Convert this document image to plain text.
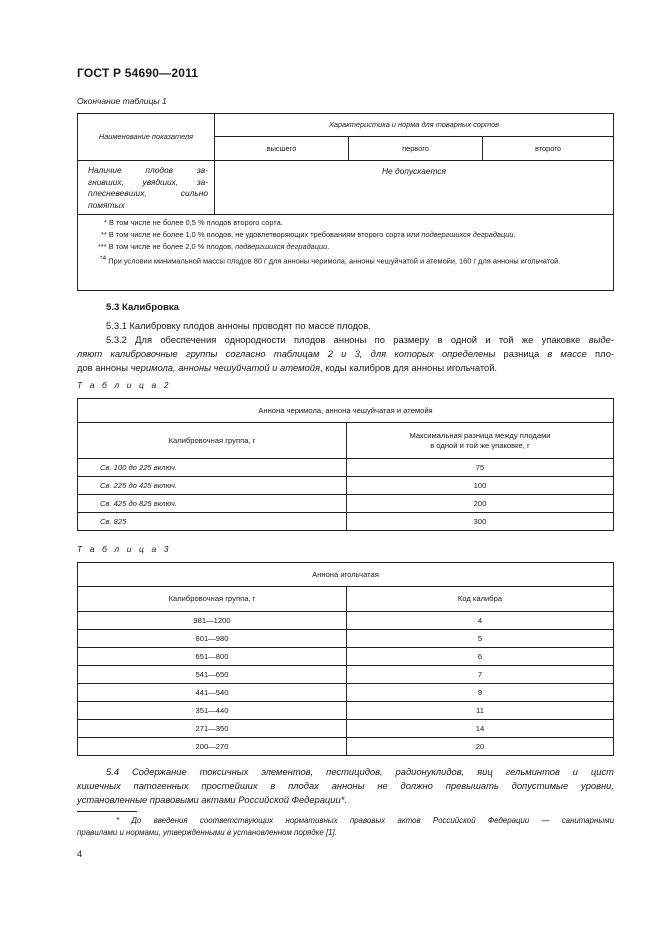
ГОСТ Р 54690—2011
Окончание таблицы 1
Наименование показателя	Характеристика и норма для товарных сортов		
	высшего	первого	второго

Наличие плодов за-
гнивших, увядших, за-
плесневевших, сильно
помятых	Не допускается		

* В том числе не более 0,5 % плодов второго сорта.

** В том числе не более 1,0 % плодов, не удовлетворяющих требованиям второго сорта или подвергшихся деградации.

*** В том числе не более 2,0 % плодов, подвергшихся деградации.

*4 При условии минимальной массы плодов 80 г для анноны черимола, анноны чешуйчатой и атемойи, 160 г для анноны игольчатой.			

5.3 Калибровка
5.3.1 Калибровку плодов анноны проводят по массе плодов.
5.3.2 Для обеспечения однородности плодов анноны по размеру в одной и той же упаковке выде-
ляют калибровочные группы согласно таблицам 2 и 3, для которых определены разница в массе пло-
дов анноны черимола, анноны чешуйчатой и атемойя, коды калибров для анноны игольчатой.
Т а б л и ц а 2
Аннона черимола, аннона чешуйчатая и атемойя	
Калибровочная группа, г	Максимальная разница между плодами
в одной и той же упаковке, г

Св. 100 до 225 включ.	75
Св. 225 до 425 включ.	100
Св. 425 до 825 включ.	200
Св. 825	300
Т а б л и ц а 3
Аннона игольчатая	
Калибровочная группа, г	Код калибра
981—1200	4
801—980	5
651—800	6
541—650	7
441—540	9
351—440	11
271—350	14
200—270	20
5.4 Содержание токсичных элементов, пестицидов, радионуклидов, яиц гельминтов и цист
кишечных патогенных простейших в плодах анноны не должно превышать допустимые уровни,
установленные правовыми актами Российской Федерации*.
* До введения соответствующих нормативных правовых актов Российской Федерации — санитарными
правилами и нормами, утвержденными в установленном порядке [1].
4
